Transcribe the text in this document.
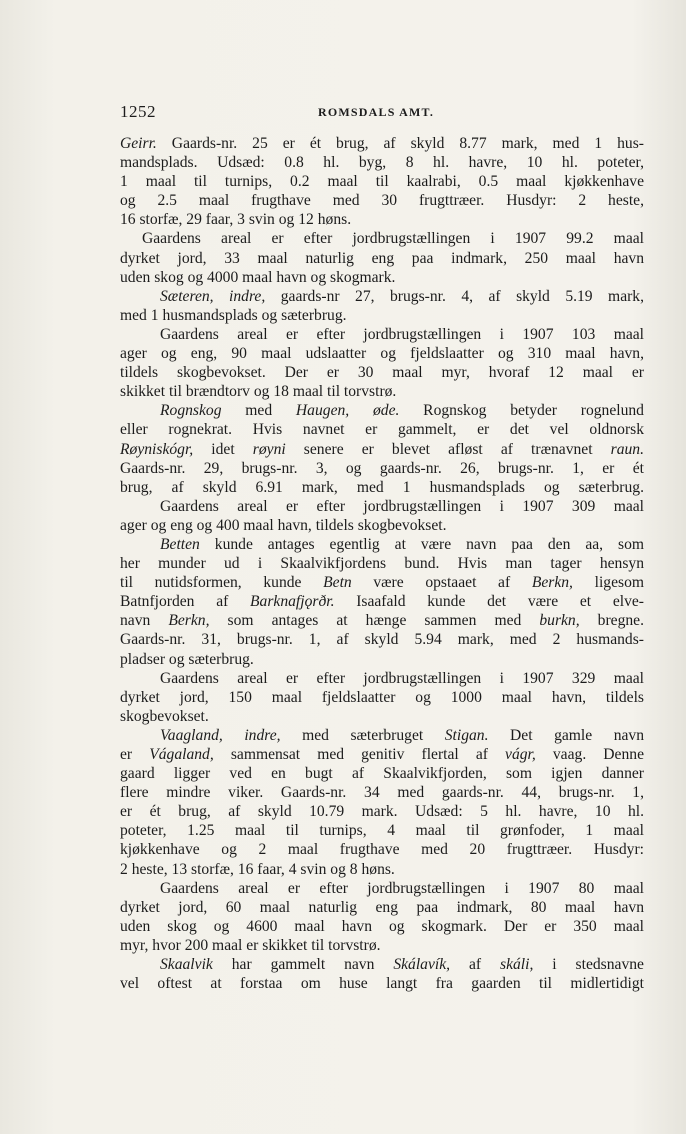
1252	ROMSDALS AMT.
Geirr. Gaards-nr. 25 er ét brug, af skyld 8.77 mark, med 1 hus-
mandsplads. Udsæd: 0.8 hl. byg, 8 hl. havre, 10 hl. poteter,
1 maal til turnips, 0.2 maal til kaalrabi, 0.5 maal kjøkkenhave
og 2.5 maal frugthave med 30 frugttræer. Husdyr: 2 heste,
16 storfæ, 29 faar, 3 svin og 12 høns.
Gaardens areal er efter jordbrugstællingen i 1907 99.2 maal
dyrket jord, 33 maal naturlig eng paa indmark, 250 maal havn
uden skog og 4000 maal havn og skogmark.
Sæteren, indre, gaards-nr 27, brugs-nr. 4, af skyld 5.19 mark,
med 1 husmandsplads og sæterbrug.
Gaardens areal er efter jordbrugstællingen i 1907 103 maal
ager og eng, 90 maal udslaatter og fjeldslaatter og 310 maal havn,
tildels skogbevokset. Der er 30 maal myr, hvoraf 12 maal er
skikket til brændtorv og 18 maal til torvstrø.
Rognskog med Haugen, øde. Rognskog betyder rognelund
eller rognekrat. Hvis navnet er gammelt, er det vel oldnorsk
Røyniskógr, idet røyni senere er blevet afløst af trænavnet raun.
Gaards-nr. 29, brugs-nr. 3, og gaards-nr. 26, brugs-nr. 1, er ét
brug, af skyld 6.91 mark, med 1 husmandsplads og sæterbrug.
Gaardens areal er efter jordbrugstællingen i 1907 309 maal
ager og eng og 400 maal havn, tildels skogbevokset.
Betten kunde antages egentlig at være navn paa den aa, som
her munder ud i Skaalvikfjordens bund. Hvis man tager hensyn
til nutidsformen, kunde Betn være opstaaet af Berkn, ligesom
Batnfjorden af Barknafjǫrðr. Isaafald kunde det være et elve-
navn Berkn, som antages at hænge sammen med burkn, bregne.
Gaards-nr. 31, brugs-nr. 1, af skyld 5.94 mark, med 2 husmands-
pladser og sæterbrug.
Gaardens areal er efter jordbrugstællingen i 1907 329 maal
dyrket jord, 150 maal fjeldslaatter og 1000 maal havn, tildels
skogbevokset.
Vaagland, indre, med sæterbruget Stigan. Det gamle navn
er Vágaland, sammensat med genitiv flertal af vágr, vaag. Denne
gaard ligger ved en bugt af Skaalvikfjorden, som igjen danner
flere mindre viker. Gaards-nr. 34 med gaards-nr. 44, brugs-nr. 1,
er ét brug, af skyld 10.79 mark. Udsæd: 5 hl. havre, 10 hl.
poteter, 1.25 maal til turnips, 4 maal til grønfoder, 1 maal
kjøkkenhave og 2 maal frugthave med 20 frugttræer. Husdyr:
2 heste, 13 storfæ, 16 faar, 4 svin og 8 høns.
Gaardens areal er efter jordbrugstællingen i 1907 80 maal
dyrket jord, 60 maal naturlig eng paa indmark, 80 maal havn
uden skog og 4600 maal havn og skogmark. Der er 350 maal
myr, hvor 200 maal er skikket til torvstrø.
Skaalvik har gammelt navn Skálavík, af skáli, i stedsnavne
vel oftest at forstaa om huse langt fra gaarden til midlertidigt
